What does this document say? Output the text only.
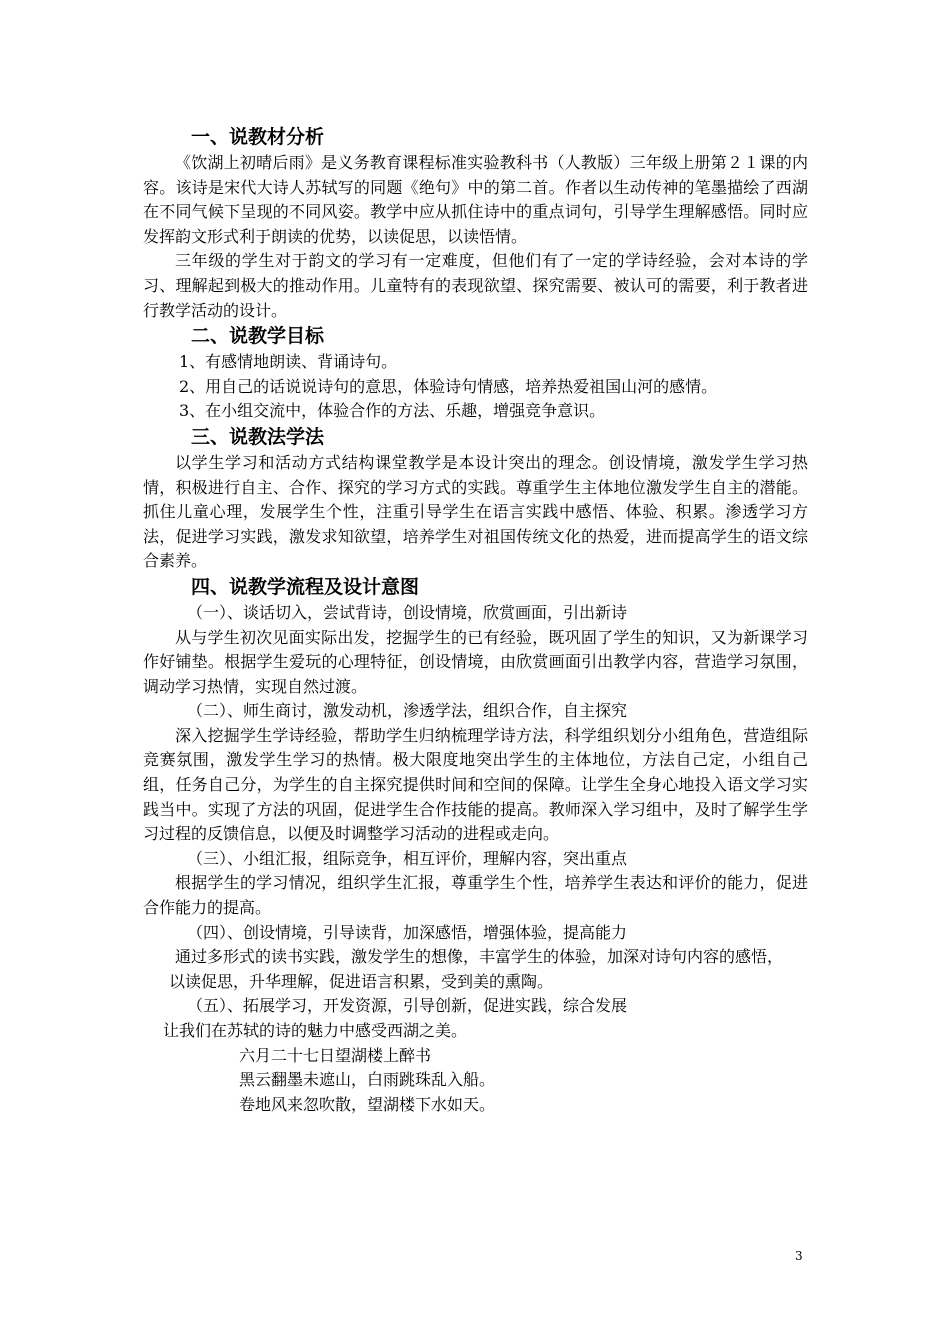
一、说教材分析

《饮湖上初晴后雨》是义务教育课程标准实验教科书（人教版）三年级上册第２１课的内容。该诗是宋代大诗人苏轼写的同题《绝句》中的第二首。作者以生动传神的笔墨描绘了西湖在不同气候下呈现的不同风姿。教学中应从抓住诗中的重点词句，引导学生理解感悟。同时应发挥韵文形式利于朗读的优势，以读促思，以读悟情。

三年级的学生对于韵文的学习有一定难度，但他们有了一定的学诗经验，会对本诗的学习、理解起到极大的推动作用。儿童特有的表现欲望、探究需要、被认可的需要，利于教者进行教学活动的设计。

二、说教学目标
1、有感情地朗读、背诵诗句。
2、用自己的话说说诗句的意思，体验诗句情感，培养热爱祖国山河的感情。
3、在小组交流中，体验合作的方法、乐趣，增强竞争意识。
三、说教法学法

以学生学习和活动方式结构课堂教学是本设计突出的理念。创设情境，激发学生学习热情，积极进行自主、合作、探究的学习方式的实践。尊重学生主体地位激发学生自主的潜能。抓住儿童心理，发展学生个性，注重引导学生在语言实践中感悟、体验、积累。渗透学习方法，促进学习实践，激发求知欲望，培养学生对祖国传统文化的热爱，进而提高学生的语文综合素养。

四、说教学流程及设计意图
（一）、谈话切入，尝试背诗，创设情境，欣赏画面，引出新诗

从与学生初次见面实际出发，挖掘学生的已有经验，既巩固了学生的知识，又为新课学习作好铺垫。根据学生爱玩的心理特征，创设情境，由欣赏画面引出教学内容，营造学习氛围，调动学习热情，实现自然过渡。

（二）、师生商讨，激发动机，渗透学法，组织合作，自主探究

深入挖掘学生学诗经验，帮助学生归纳梳理学诗方法，科学组织划分小组角色，营造组际竞赛氛围，激发学生学习的热情。极大限度地突出学生的主体地位，方法自己定，小组自己组，任务自己分，为学生的自主探究提供时间和空间的保障。让学生全身心地投入语文学习实践当中。实现了方法的巩固，促进学生合作技能的提高。教师深入学习组中，及时了解学生学习过程的反馈信息，以便及时调整学习活动的进程或走向。

（三）、小组汇报，组际竞争，相互评价，理解内容，突出重点

根据学生的学习情况，组织学生汇报，尊重学生个性，培养学生表达和评价的能力，促进合作能力的提高。

（四）、创设情境，引导读背，加深感悟，增强体验，提高能力

通过多形式的读书实践，激发学生的想像，丰富学生的体验，加深对诗句内容的感悟，

以读促思，升华理解，促进语言积累，受到美的熏陶。
（五）、拓展学习，开发资源，引导创新，促进实践，综合发展
让我们在苏轼的诗的魅力中感受西湖之美。
六月二十七日望湖楼上醉书
黑云翻墨未遮山，白雨跳珠乱入船。
卷地风来忽吹散，望湖楼下水如天。
3
